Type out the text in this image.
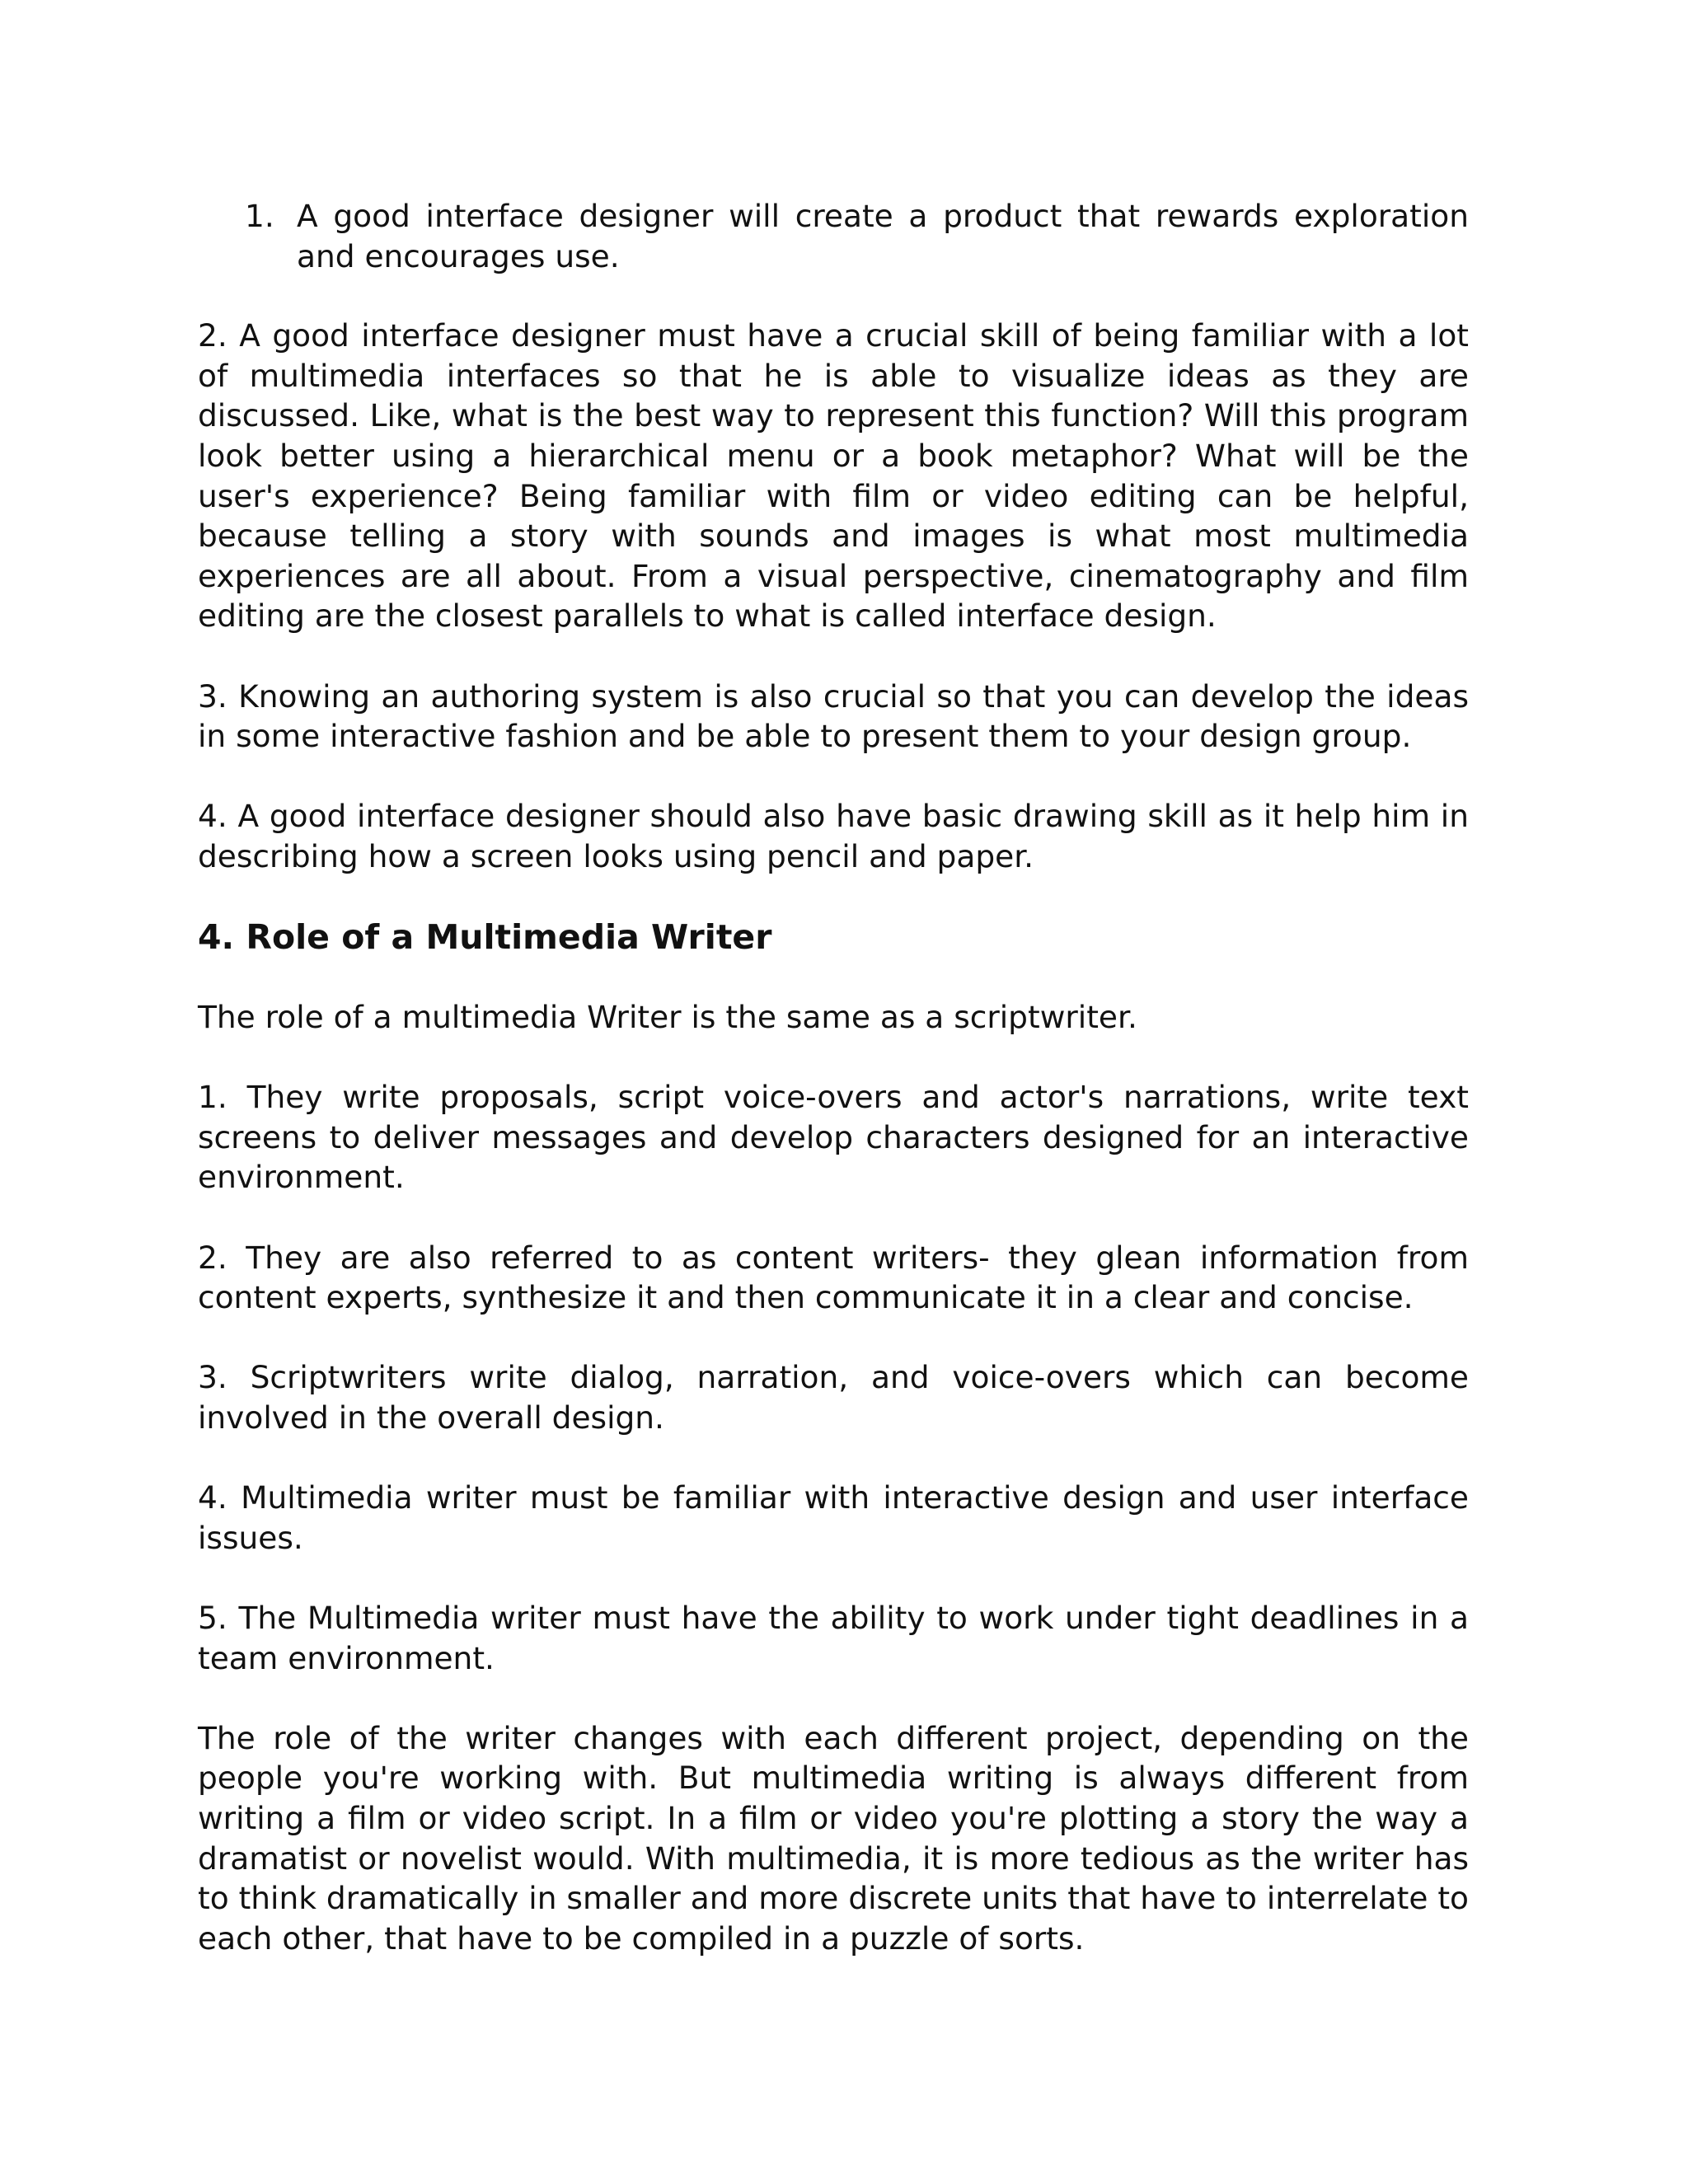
1. A good interface designer will create a product that rewards exploration and encourages use.

2. A good interface designer must have a crucial skill of being familiar with a lot of multimedia interfaces so that he is able to visualize ideas as they are discussed. Like, what is the best way to represent this function? Will this program look better using a hierarchical menu or a book metaphor? What will be the user's experience? Being familiar with film or video editing can be helpful, because telling a story with sounds and images is what most multimedia experiences are all about. From a visual perspective, cinematography and film editing are the closest parallels to what is called interface design.

3. Knowing an authoring system is also crucial so that you can develop the ideas in some interactive fashion and be able to present them to your design group.

4. A good interface designer should also have basic drawing skill as it help him in describing how a screen looks using pencil and paper.

4. Role of a Multimedia Writer

The role of a multimedia Writer is the same as a scriptwriter.

1. They write proposals, script voice-overs and actor's narrations, write text screens to deliver messages and develop characters designed for an interactive environment.

2. They are also referred to as content writers- they glean information from content experts, synthesize it and then communicate it in a clear and concise.

3. Scriptwriters write dialog, narration, and voice-overs which can become involved in the overall design.

4. Multimedia writer must be familiar with interactive design and user interface issues.

5. The Multimedia writer must have the ability to work under tight deadlines in a team environment.

The role of the writer changes with each different project, depending on the people you're working with. But multimedia writing is always different from writing a film or video script. In a film or video you're plotting a story the way a dramatist or novelist would. With multimedia, it is more tedious as the writer has to think dramatically in smaller and more discrete units that have to interrelate to each other, that have to be compiled in a puzzle of sorts.
